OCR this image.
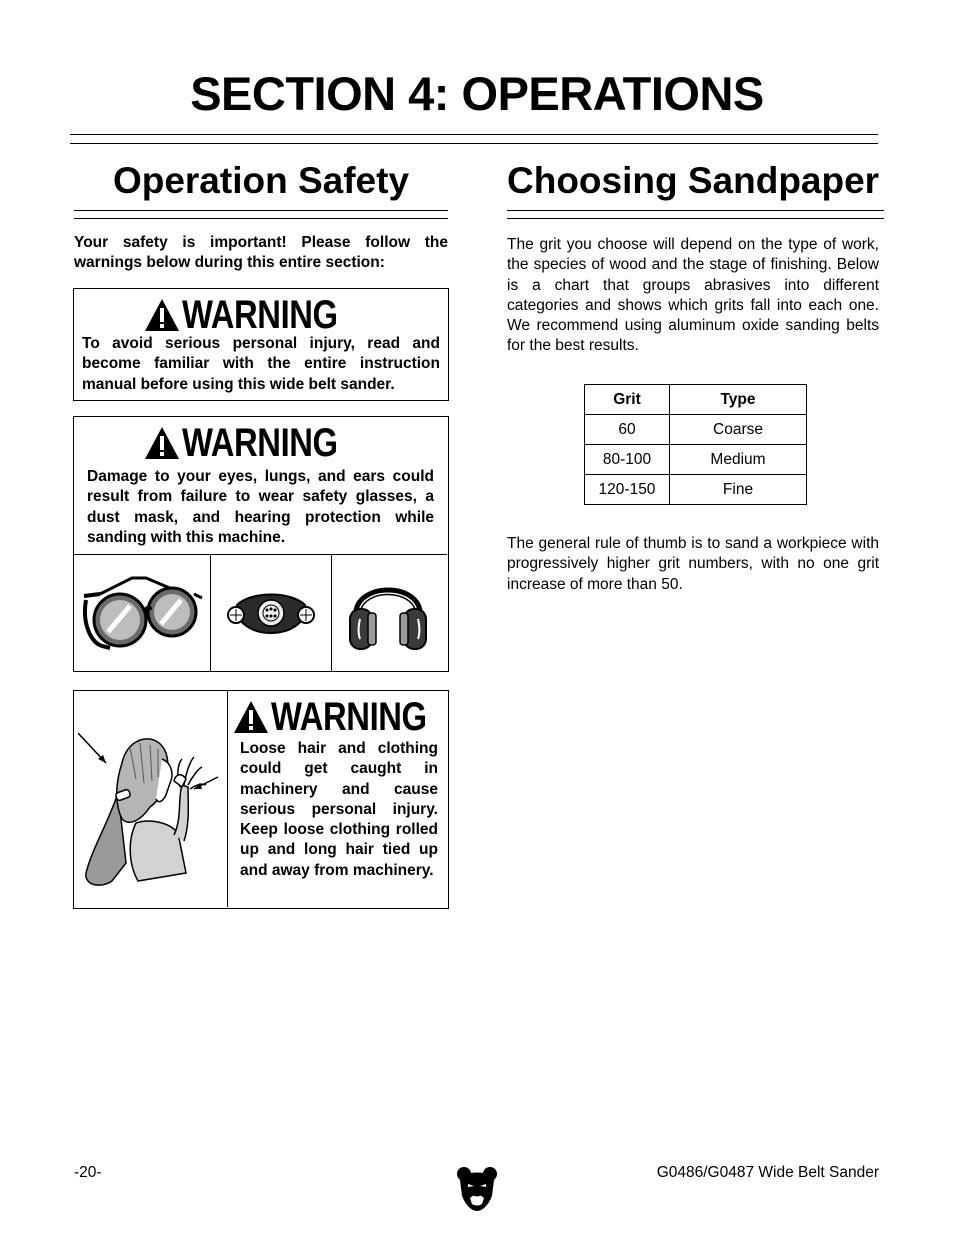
SECTION 4: OPERATIONS
Operation Safety
Your safety is important! Please follow the warnings below during this entire section:
WARNING
To avoid serious personal injury, read and become familiar with the entire instruction manual before using this wide belt sander.
WARNING
Damage to your eyes, lungs, and ears could result from failure to wear safety glasses, a dust mask, and hearing protection while sanding with this machine.
WARNING
Loose hair and clothing could get caught in machinery and cause serious personal injury. Keep loose clothing rolled up and long hair tied up and away from machinery.
Choosing Sandpaper
The grit you choose will depend on the type of work, the species of wood and the stage of finishing. Below is a chart that groups abrasives into different categories and shows which grits fall into each one. We recommend using aluminum oxide sanding belts for the best results.
Grit	Type
60	Coarse
80-100	Medium
120-150	Fine
The general rule of thumb is to sand a workpiece with progressively higher grit numbers, with no one grit increase of more than 50.
-20-	G0486/G0487 Wide Belt Sander
